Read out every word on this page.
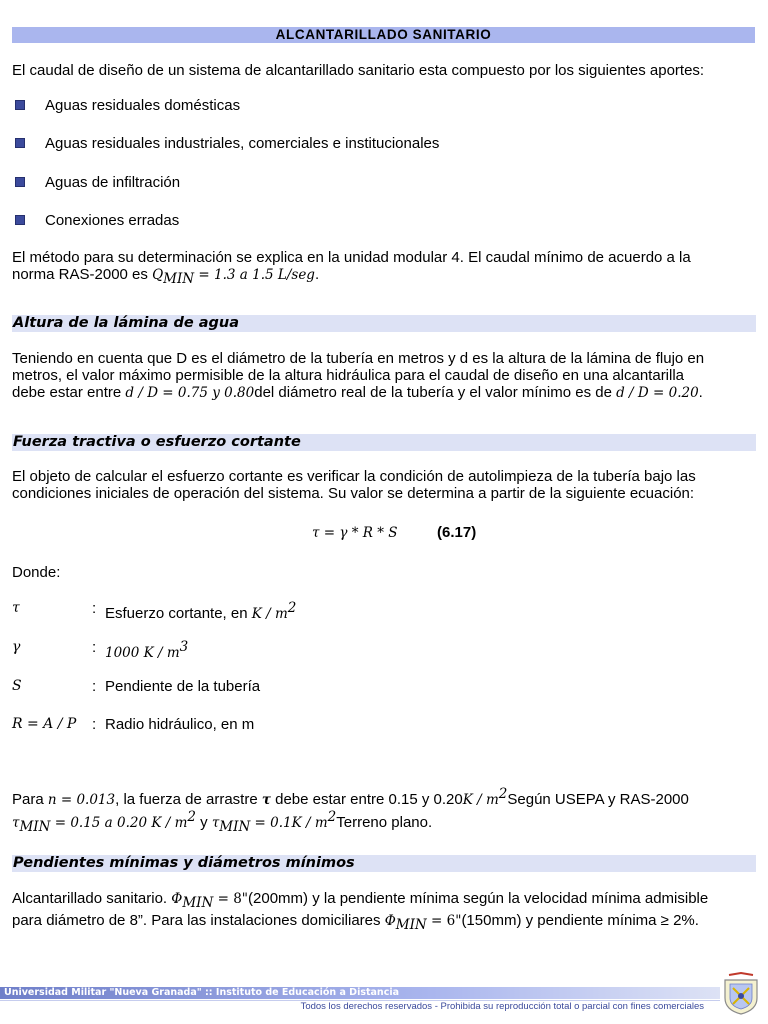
ALCANTARILLADO SANITARIO
El caudal de diseño de un sistema de alcantarillado sanitario esta compuesto por los siguientes aportes:
Aguas residuales domésticas
Aguas residuales industriales, comerciales e institucionales
Aguas de infiltración
Conexiones erradas
El método para su determinación se explica en la unidad modular 4. El caudal mínimo de acuerdo a la
norma RAS-2000 es $Q_{MIN} = 1.3$ a 1.5 L/seg.
Altura de la lámina de agua
Teniendo en cuenta que D es el diámetro de la tubería en metros y d es la altura de la lámina de flujo en
metros, el valor máximo permisible de la altura hidráulica para el caudal de diseño en una alcantarilla
debe estar entre d / D = 0.75 y 0.80del diámetro real de la tubería y el valor mínimo es de d / D = 0.20.
Fuerza tractiva o esfuerzo cortante
El objeto de calcular el esfuerzo cortante es verificar la condición de autolimpieza de la tubería bajo las
condiciones iniciales de operación del sistema. Su valor se determina a partir de la siguiente ecuación:
τ = γ * R * S	(6.17)
Donde:
τ	: Esfuerzo cortante, en K / $m^2$
γ	: 1000 K / $m^3$
S	: Pendiente de la tubería
R = A / P : Radio hidráulico, en m
Para n = 0.013, la fuerza de arrastre τ debe estar entre 0.15 y $0.20K / m^2Según$ USEPA y RAS-2000
$\tau_{MIN} = 0.15$ a 0.20 K / $m^2$ y $\tau_{MIN} = 0.1K$ / $m^2Terreno$ plano.
Pendientes mínimas y diámetros mínimos
Alcantarillado sanitario. $\Phi_{MIN}$ = 8"(200mm) y la pendiente mínima según la velocidad mínima admisible
para diámetro de 8”. Para las instalaciones domiciliares $\Phi_{MIN}$ = 6"(150mm) y pendiente mínima ≥ 2%.
Universidad Militar "Nueva Granada" :: Instituto de Educación a Distancia
Todos los derechos reservados - Prohibida su reproducción total o parcial con fines comerciales
